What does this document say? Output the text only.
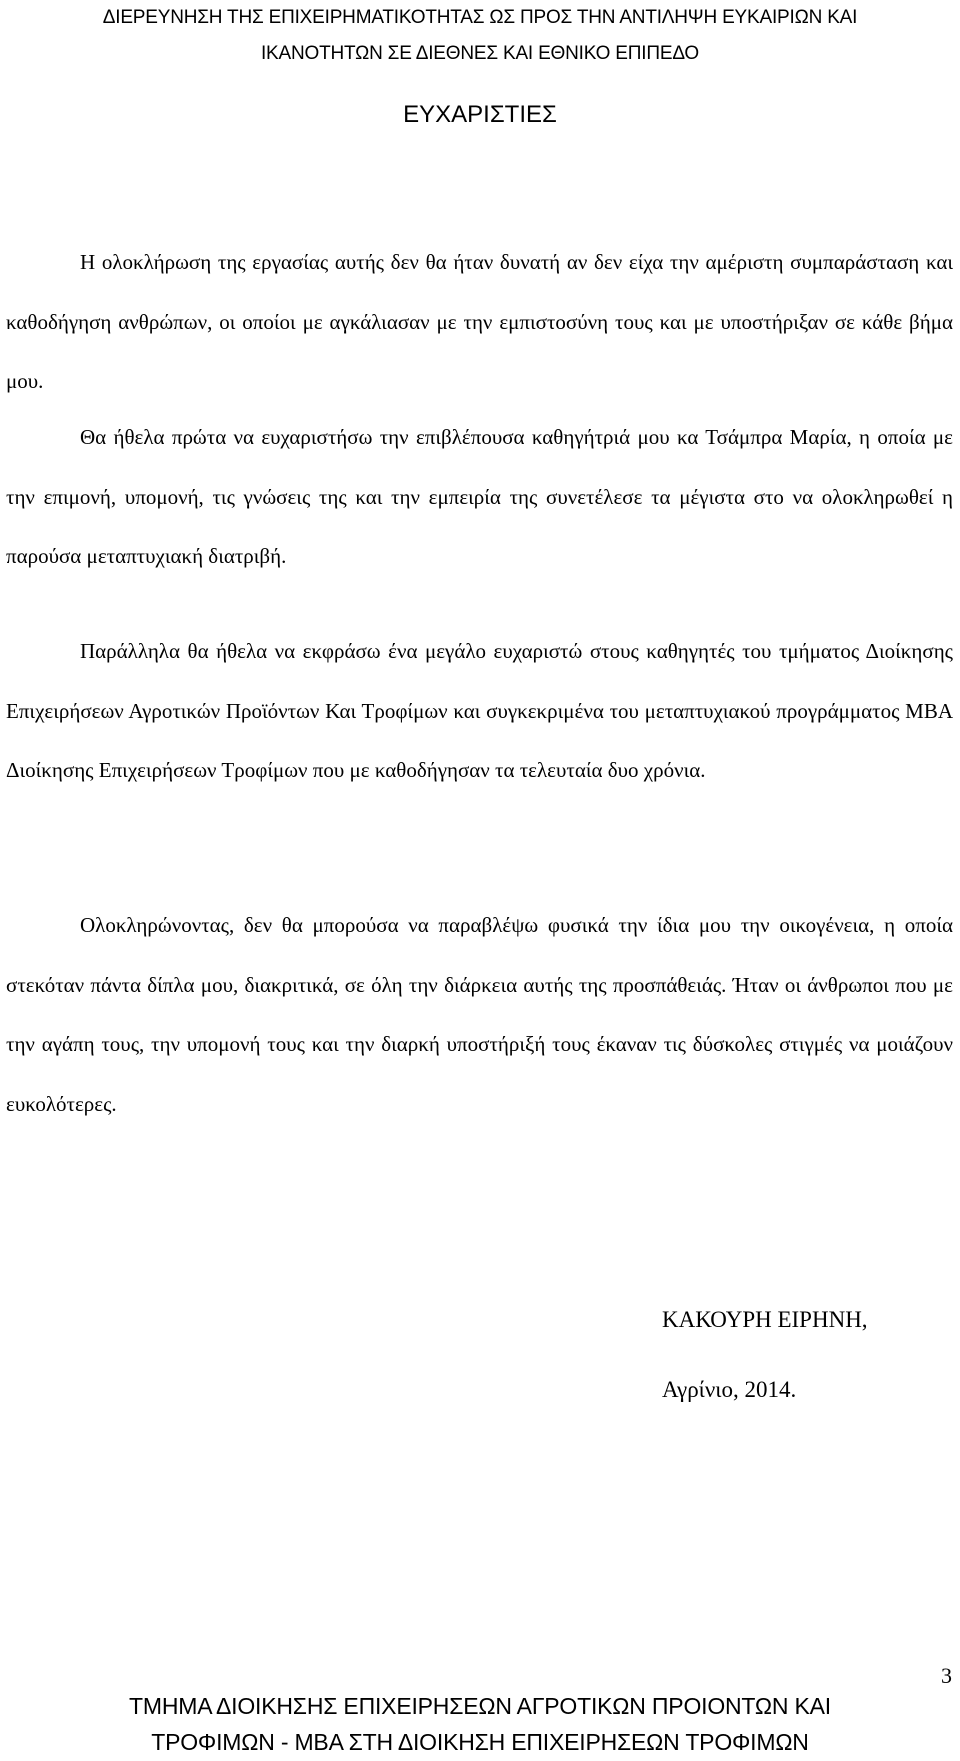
ΔΙΕΡΕΥΝΗΣΗ ΤΗΣ ΕΠΙΧΕΙΡΗΜΑΤΙΚΟΤΗΤΑΣ ΩΣ ΠΡΟΣ ΤΗΝ ΑΝΤΙΛΗΨΗ ΕΥΚΑΙΡΙΩΝ ΚΑΙ
ΙΚΑΝΟΤΗΤΩΝ ΣΕ ΔΙΕΘΝΕΣ ΚΑΙ ΕΘΝΙΚΟ ΕΠΙΠΕΔΟ
ΕΥΧΑΡΙΣΤΙΕΣ

Η ολοκλήρωση της εργασίας αυτής δεν θα ήταν δυνατή αν δεν είχα την αμέριστη συμπαράσταση και καθοδήγηση ανθρώπων, οι οποίοι με αγκάλιασαν με την εμπιστοσύνη τους και με υποστήριξαν σε κάθε βήμα μου.

Θα ήθελα πρώτα να ευχαριστήσω την επιβλέπουσα καθηγήτριά μου κα Τσάμπρα Μαρία, η οποία με την επιμονή, υπομονή, τις γνώσεις της και την εμπειρία της συνετέλεσε τα μέγιστα στο να ολοκληρωθεί η παρούσα μεταπτυχιακή διατριβή.

Παράλληλα θα ήθελα να εκφράσω ένα μεγάλο ευχαριστώ στους καθηγητές του τμήματος Διοίκησης Επιχειρήσεων Αγροτικών Προϊόντων Και Τροφίμων και συγκεκριμένα του μεταπτυχιακού προγράμματος MBA Διοίκησης Επιχειρήσεων Τροφίμων που με καθοδήγησαν τα τελευταία δυο χρόνια.

Ολοκληρώνοντας, δεν θα μπορούσα να παραβλέψω φυσικά την ίδια μου την οικογένεια, η οποία στεκόταν πάντα δίπλα μου, διακριτικά, σε όλη την διάρκεια αυτής της προσπάθειάς. Ήταν οι άνθρωποι που με την αγάπη τους, την υπομονή τους και την διαρκή υποστήριξή τους έκαναν τις δύσκολες στιγμές να μοιάζουν ευκολότερες.

ΚΑΚΟΥΡΗ ΕΙΡΗΝΗ,
Αγρίνιο, 2014.
3
ΤΜΗΜΑ ΔΙΟΙΚΗΣΗΣ ΕΠΙΧΕΙΡΗΣΕΩΝ ΑΓΡΟΤΙΚΩΝ ΠΡΟΙΟΝΤΩΝ ΚΑΙ
ΤΡΟΦΙΜΩΝ - MBA ΣΤΗ ΔΙΟΙΚΗΣΗ ΕΠΙΧΕΙΡΗΣΕΩΝ ΤΡΟΦΙΜΩΝ
